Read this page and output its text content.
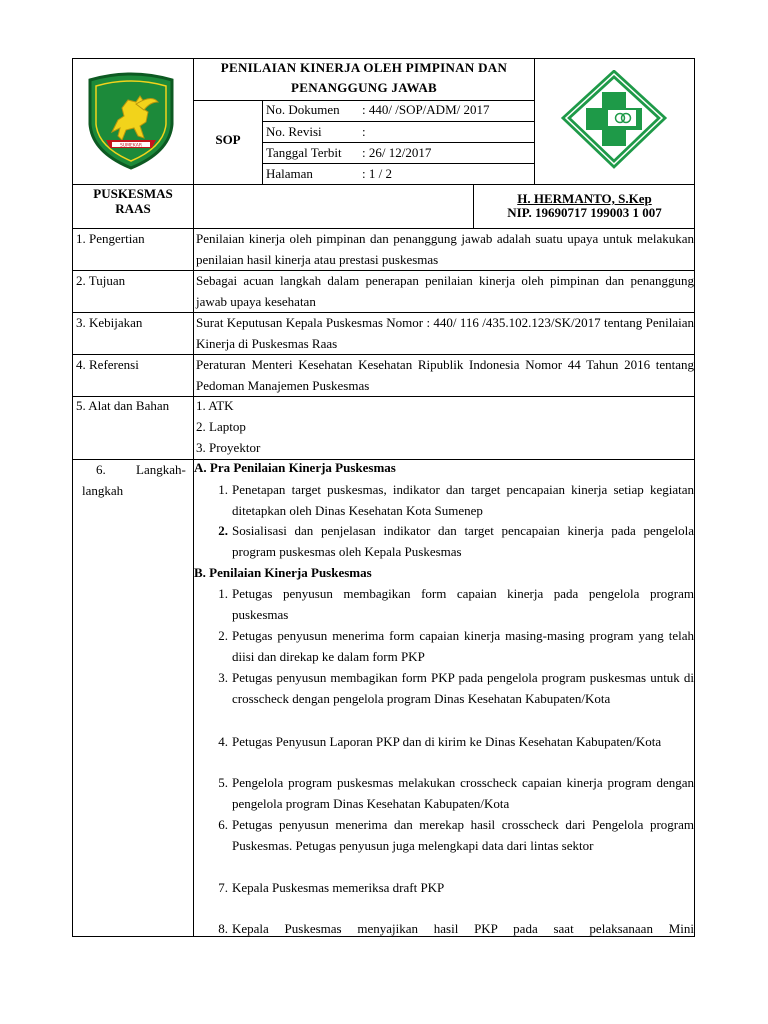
SUMEKAR
PENILAIAN KINERJA OLEH PIMPINAN DAN PENANGGUNG JAWAB
SOP
No. Dokumen : 440/ /SOP/ADM/ 2017
No. Revisi	:
Tanggal Terbit : 26/ 12/2017
Halaman	: 1 / 2
PUSKESMAS RAAS
H. HERMANTO, S.Kep
NIP. 19690717 199003 1 007
1. Pengertian	Penilaian kinerja oleh pimpinan dan penanggung jawab adalah suatu upaya untuk melakukan penilaian hasil kinerja atau prestasi puskesmas
2. Tujuan	Sebagai acuan langkah dalam penerapan penilaian kinerja oleh pimpinan dan penanggung jawab upaya kesehatan
3. Kebijakan	Surat Keputusan Kepala Puskesmas Nomor : 440/ 116 /435.102.123/SK/2017 tentang Penilaian Kinerja di Puskesmas Raas
4. Referensi	Peraturan Menteri Kesehatan Kesehatan Ripublik Indonesia Nomor 44 Tahun 2016 tentang Pedoman Manajemen Puskesmas
5. Alat dan Bahan 1. ATK
2. Laptop
3. Proyektor
6. Langkah-
langkah
A. Pra Penilaian Kinerja Puskesmas
1. Penetapan target puskesmas, indikator dan target pencapaian kinerja setiap kegiatan ditetapkan oleh Dinas Kesehatan Kota Sumenep
2. Sosialisasi dan penjelasan indikator dan target pencapaian kinerja pada pengelola program puskesmas oleh Kepala Puskesmas
B. Penilaian Kinerja Puskesmas
1. Petugas penyusun membagikan form capaian kinerja pada pengelola program puskesmas
2. Petugas penyusun menerima form capaian kinerja masing-masing program yang telah diisi dan direkap ke dalam form PKP
3. Petugas penyusun membagikan form PKP pada pengelola program puskesmas untuk di crosscheck dengan pengelola program Dinas Kesehatan Kabupaten/Kota
4. Petugas Penyusun Laporan PKP dan di kirim ke Dinas Kesehatan Kabupaten/Kota
5. Pengelola program puskesmas melakukan crosscheck capaian kinerja program dengan pengelola program Dinas Kesehatan Kabupaten/Kota
6. Petugas penyusun menerima dan merekap hasil crosscheck dari Pengelola program Puskesmas. Petugas penyusun juga melengkapi data dari lintas sektor
7. Kepala Puskesmas memeriksa draft PKP
8. Kepala Puskesmas menyajikan hasil PKP pada saat pelaksanaan Mini
